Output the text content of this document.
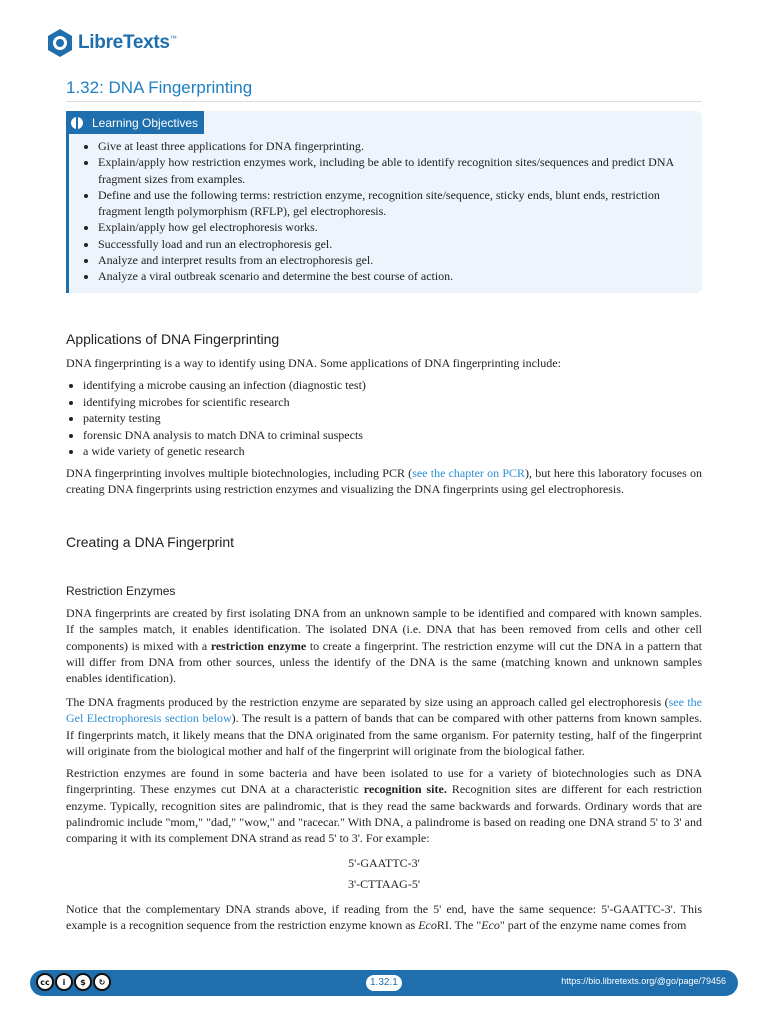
LibreTexts™
1.32: DNA Fingerprinting
Learning Objectives
• Give at least three applications for DNA fingerprinting.
• Explain/apply how restriction enzymes work, including be able to identify recognition sites/sequences and predict DNA fragment sizes from examples.
• Define and use the following terms: restriction enzyme, recognition site/sequence, sticky ends, blunt ends, restriction fragment length polymorphism (RFLP), gel electrophoresis.
• Explain/apply how gel electrophoresis works.
• Successfully load and run an electrophoresis gel.
• Analyze and interpret results from an electrophoresis gel.
• Analyze a viral outbreak scenario and determine the best course of action.
Applications of DNA Fingerprinting

DNA fingerprinting is a way to identify using DNA. Some applications of DNA fingerprinting include:

• identifying a microbe causing an infection (diagnostic test)
• identifying microbes for scientific research
• paternity testing
• forensic DNA analysis to match DNA to criminal suspects
• a wide variety of genetic research

DNA fingerprinting involves multiple biotechnologies, including PCR (see the chapter on PCR), but here this laboratory focuses on creating DNA fingerprints using restriction enzymes and visualizing the DNA fingerprints using gel electrophoresis.

Creating a DNA Fingerprint
Restriction Enzymes

DNA fingerprints are created by first isolating DNA from an unknown sample to be identified and compared with known samples. If the samples match, it enables identification. The isolated DNA (i.e. DNA that has been removed from cells and other cell components) is mixed with a restriction enzyme to create a fingerprint. The restriction enzyme will cut the DNA in a pattern that will differ from DNA from other sources, unless the identify of the DNA is the same (matching known and unknown samples enables identification).

The DNA fragments produced by the restriction enzyme are separated by size using an approach called gel electrophoresis (see the Gel Electrophoresis section below). The result is a pattern of bands that can be compared with other patterns from known samples. If fingerprints match, it likely means that the DNA originated from the same organism. For paternity testing, half of the fingerprint will originate from the biological mother and half of the fingerprint will originate from the biological father.

Restriction enzymes are found in some bacteria and have been isolated to use for a variety of biotechnologies such as DNA fingerprinting. These enzymes cut DNA at a characteristic recognition site. Recognition sites are different for each restriction enzyme. Typically, recognition sites are palindromic, that is they read the same backwards and forwards. Ordinary words that are palindromic include "mom," "dad," "wow," and "racecar." With DNA, a palindrome is based on reading one DNA strand 5' to 3' and comparing it with its complement DNA strand as read 5' to 3'. For example:

5'-GAATTC-3'
3'-CTTAAG-5'

Notice that the complementary DNA strands above, if reading from the 5' end, have the same sequence: 5'-GAATTC-3'. This example is a recognition sequence from the restriction enzyme known as EcoRI. The "Eco" part of the enzyme name comes from

cc	i	$	↻	1.32.1	https://bio.libretexts.org/@go/page/79456
